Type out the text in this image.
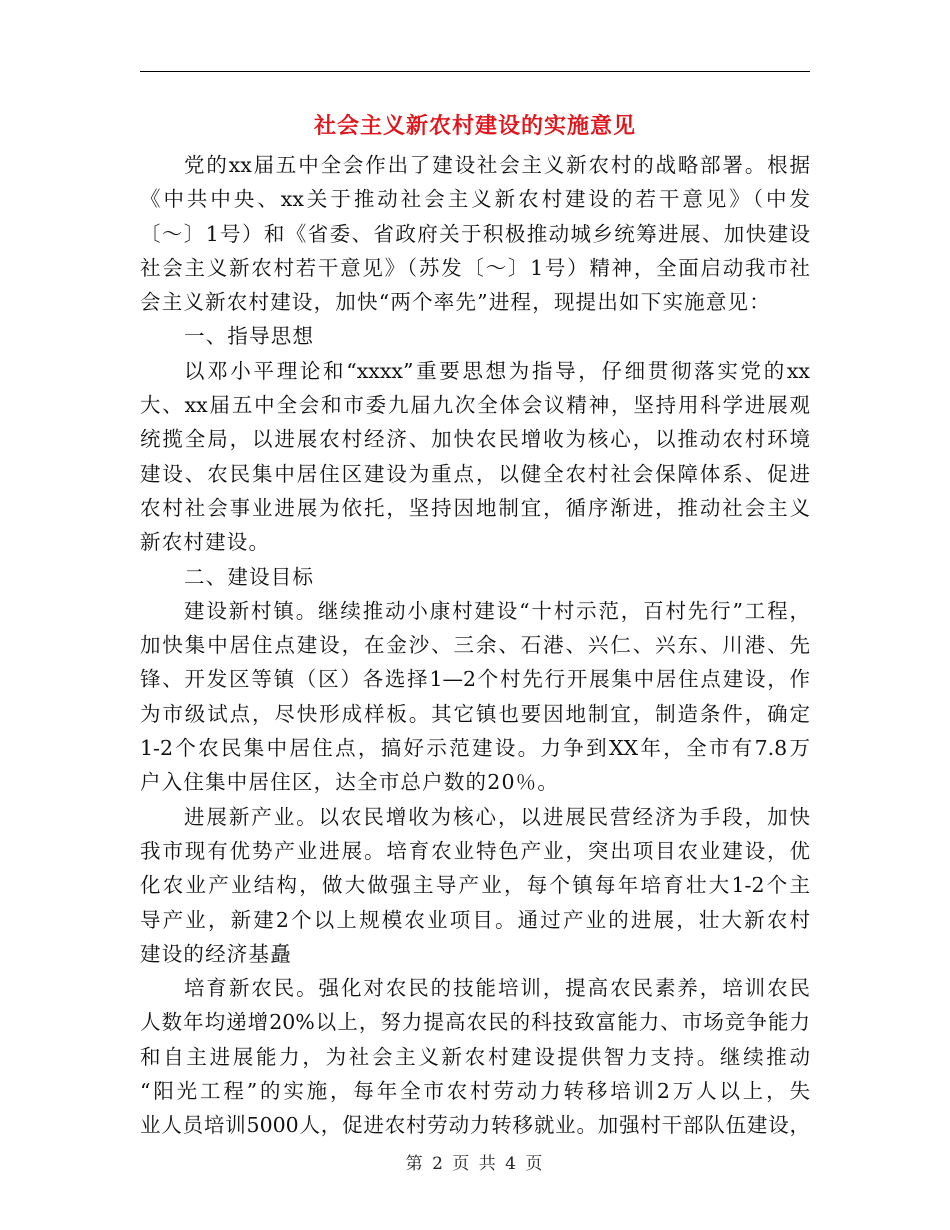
社会主义新农村建设的实施意见
党的xx届五中全会作出了建设社会主义新农村的战略部署。根据
《中共中央、xx关于推动社会主义新农村建设的若干意见》（中发
〔～〕1号）和《省委、省政府关于积极推动城乡统筹进展、加快建设
社会主义新农村若干意见》（苏发〔～〕1号）精神，全面启动我市社
会主义新农村建设，加快“两个率先”进程，现提出如下实施意见：
一、指导思想
以邓小平理论和“xxxx”重要思想为指导，仔细贯彻落实党的xx
大、xx届五中全会和市委九届九次全体会议精神，坚持用科学进展观
统揽全局，以进展农村经济、加快农民增收为核心，以推动农村环境
建设、农民集中居住区建设为重点，以健全农村社会保障体系、促进
农村社会事业进展为依托，坚持因地制宜，循序渐进，推动社会主义
新农村建设。
二、建设目标
建设新村镇。继续推动小康村建设“十村示范，百村先行”工程，
加快集中居住点建设，在金沙、三余、石港、兴仁、兴东、川港、先
锋、开发区等镇（区）各选择1—2个村先行开展集中居住点建设，作
为市级试点，尽快形成样板。其它镇也要因地制宜，制造条件，确定
1-2个农民集中居住点，搞好示范建设。力争到XX年，全市有7.8万
户入住集中居住区，达全市总户数的20％。
进展新产业。以农民增收为核心，以进展民营经济为手段，加快
我市现有优势产业进展。培育农业特色产业，突出项目农业建设，优
化农业产业结构，做大做强主导产业，每个镇每年培育壮大1-2个主
导产业，新建2个以上规模农业项目。通过产业的进展，壮大新农村
建设的经济基矗
培育新农民。强化对农民的技能培训，提高农民素养，培训农民
人数年均递增20%以上，努力提高农民的科技致富能力、市场竞争能力
和自主进展能力，为社会主义新农村建设提供智力支持。继续推动
“阳光工程”的实施，每年全市农村劳动力转移培训2万人以上，失
业人员培训5000人，促进农村劳动力转移就业。加强村干部队伍建设，
第 2 页 共 4 页
